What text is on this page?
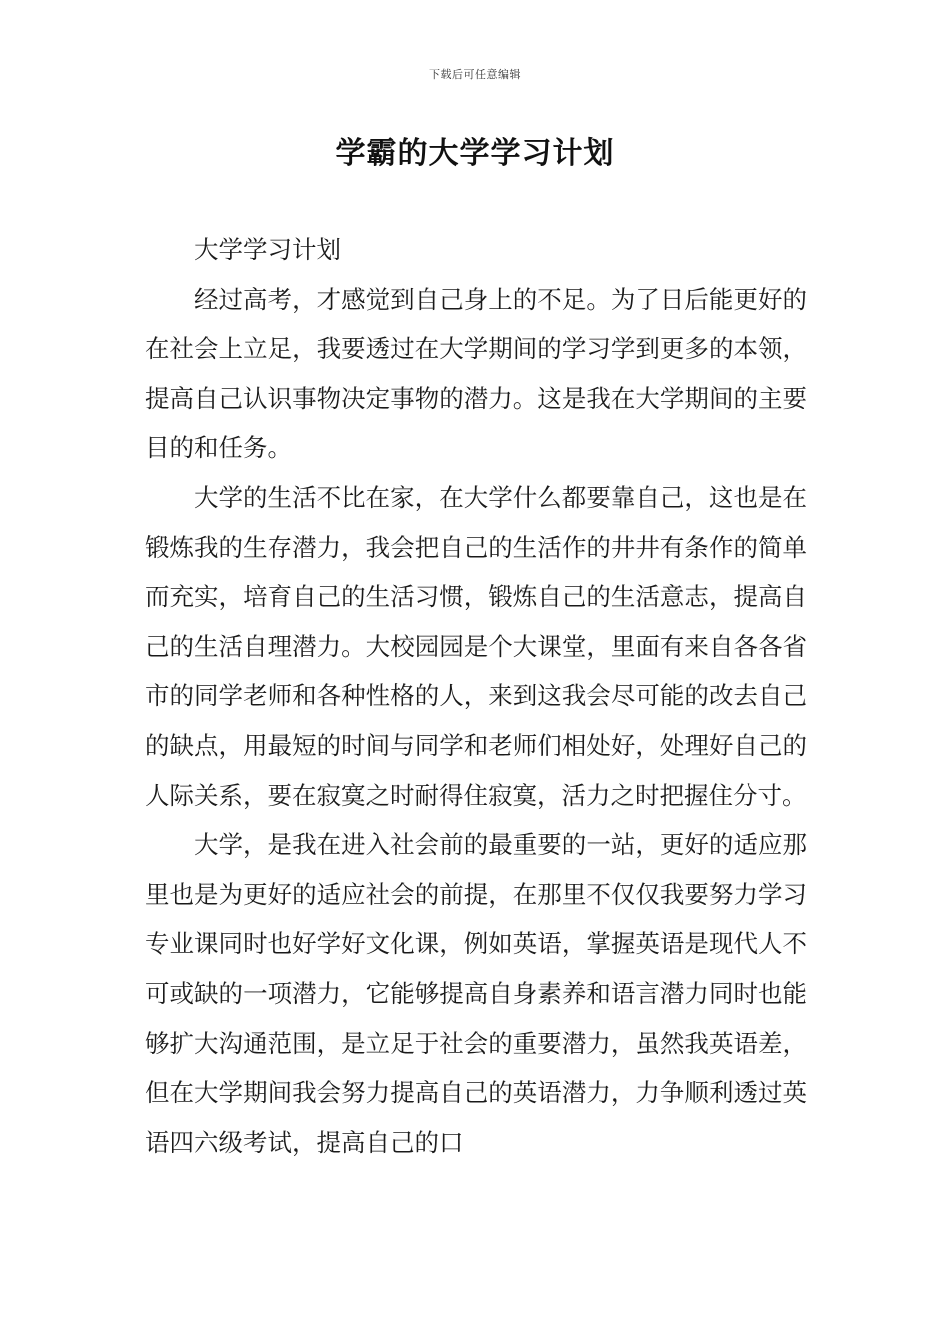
下载后可任意编辑
学霸的大学学习计划

大学学习计划

经过高考，才感觉到自己身上的不足。为了日后能更好的在社会上立足，我要透过在大学期间的学习学到更多的本领，提高自己认识事物决定事物的潜力。这是我在大学期间的主要目的和任务。

大学的生活不比在家，在大学什么都要靠自己，这也是在锻炼我的生存潜力，我会把自己的生活作的井井有条作的简单而充实，培育自己的生活习惯，锻炼自己的生活意志，提高自己的生活自理潜力。大校园园是个大课堂，里面有来自各各省市的同学老师和各种性格的人，来到这我会尽可能的改去自己的缺点，用最短的时间与同学和老师们相处好，处理好自己的人际关系，要在寂寞之时耐得住寂寞，活力之时把握住分寸。

大学，是我在进入社会前的最重要的一站，更好的适应那里也是为更好的适应社会的前提，在那里不仅仅我要努力学习专业课同时也好学好文化课，例如英语，掌握英语是现代人不可或缺的一项潜力，它能够提高自身素养和语言潜力同时也能够扩大沟通范围，是立足于社会的重要潜力，虽然我英语差，但在大学期间我会努力提高自己的英语潜力，力争顺利透过英语四六级考试，提高自己的口
